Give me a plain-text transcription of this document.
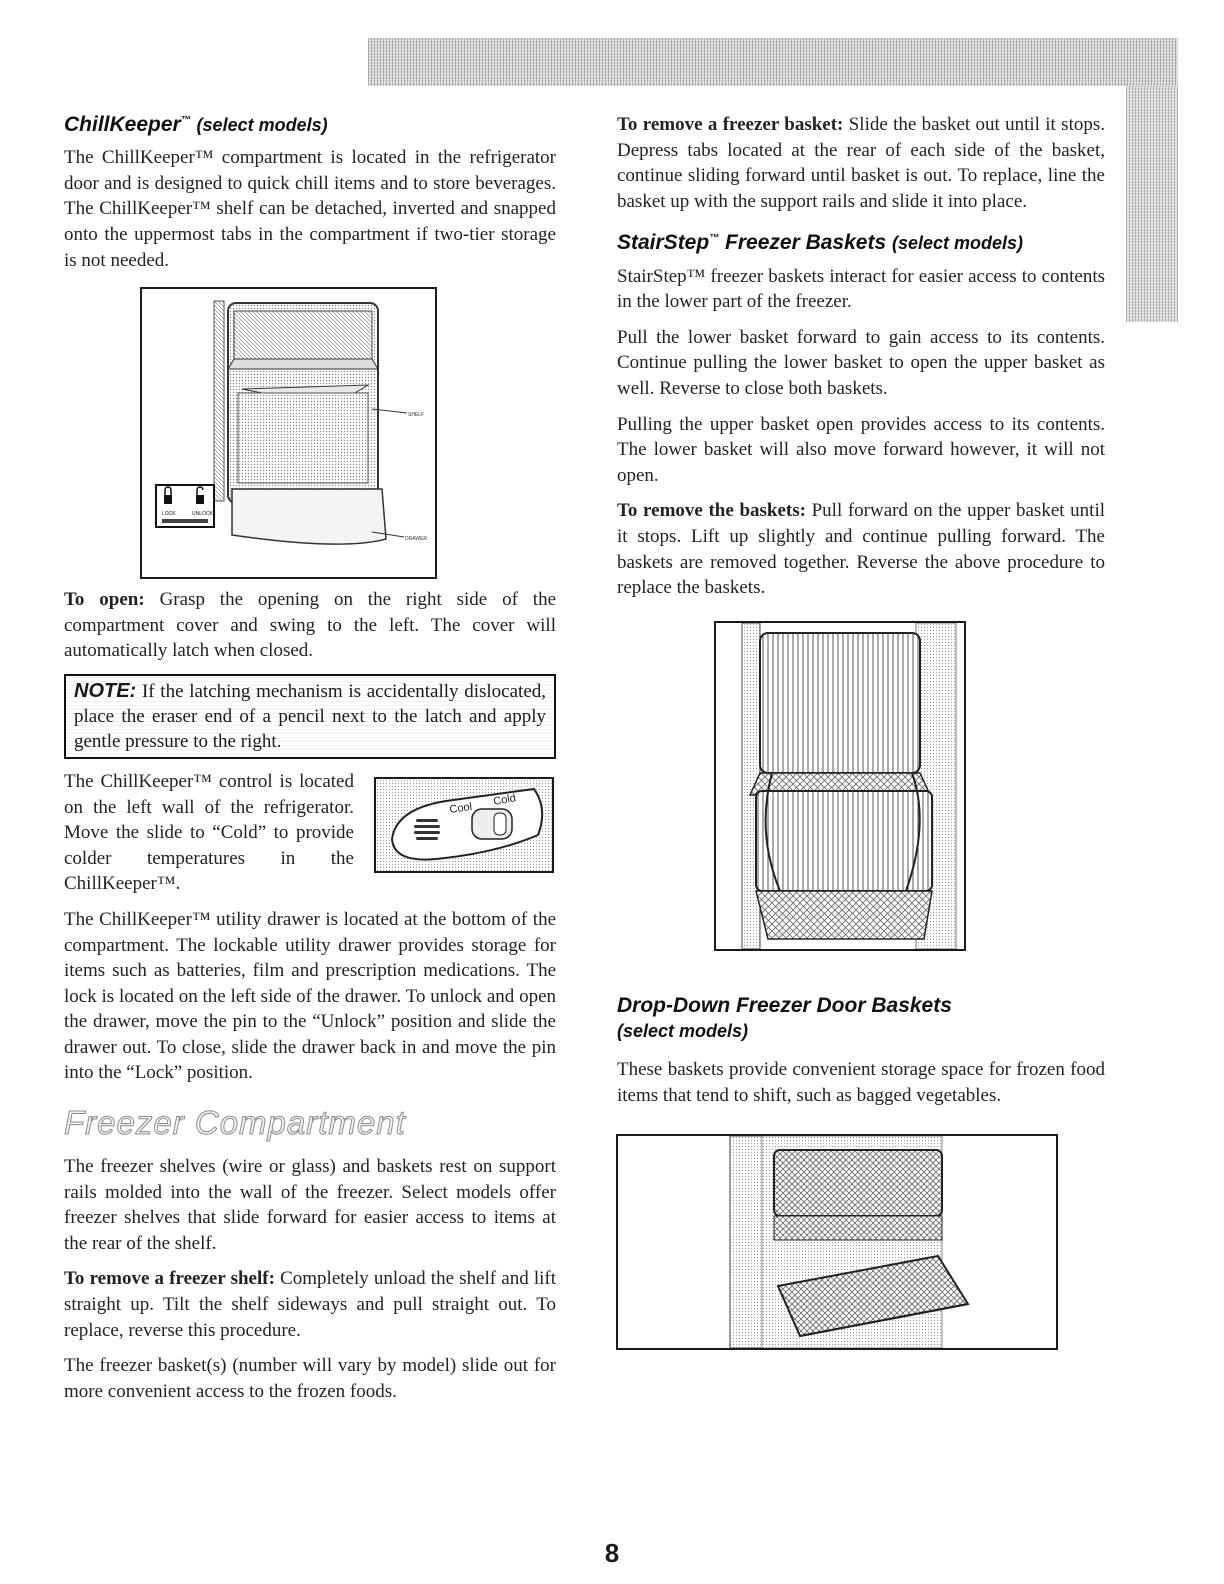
ChillKeeper™ (select models)

The ChillKeeper™ compartment is located in the refrigerator door and is designed to quick chill items and to store beverages. The ChillKeeper™ shelf can be detached, inverted and snapped onto the uppermost tabs in the compartment if two-tier storage is not needed.

SHELF
DRAWER
LOCK	UNLOCK

To open: Grasp the opening on the right side of the compartment cover and swing to the left. The cover will automatically latch when closed.

NOTE: If the latching mechanism is accidentally dislocated, place the eraser end of a pencil next to the latch and apply gentle pressure to the right.

The ChillKeeper™ control is located on the left wall of the refrigerator. Move the slide to “Cold” to provide colder temperatures in the ChillKeeper™.

Cool
Cold

The ChillKeeper™ utility drawer is located at the bottom of the compartment. The lockable utility drawer provides storage for items such as batteries, film and prescription medications. The lock is located on the left side of the drawer. To unlock and open the drawer, move the pin to the “Unlock” position and slide the drawer out. To close, slide the drawer back in and move the pin into the “Lock” position.

Freezer Compartment

The freezer shelves (wire or glass) and baskets rest on support rails molded into the wall of the freezer. Select models offer freezer shelves that slide forward for easier access to items at the rear of the shelf.

To remove a freezer shelf: Completely unload the shelf and lift straight up. Tilt the shelf sideways and pull straight out. To replace, reverse this procedure.

The freezer basket(s) (number will vary by model) slide out for more convenient access to the frozen foods.

To remove a freezer basket: Slide the basket out until it stops. Depress tabs located at the rear of each side of the basket, continue sliding forward until basket is out. To replace, line the basket up with the support rails and slide it into place.

StairStep™ Freezer Baskets (select models)

StairStep™ freezer baskets interact for easier access to contents in the lower part of the freezer.

Pull the lower basket forward to gain access to its contents. Continue pulling the lower basket to open the upper basket as well. Reverse to close both baskets.

Pulling the upper basket open provides access to its contents. The lower basket will also move forward however, it will not open.

To remove the baskets: Pull forward on the upper basket until it stops. Lift up slightly and continue pulling forward. The baskets are removed together. Reverse the above procedure to replace the baskets.

Drop-Down Freezer Door Baskets
(select models)

These baskets provide convenient storage space for frozen food items that tend to shift, such as bagged vegetables.

8
